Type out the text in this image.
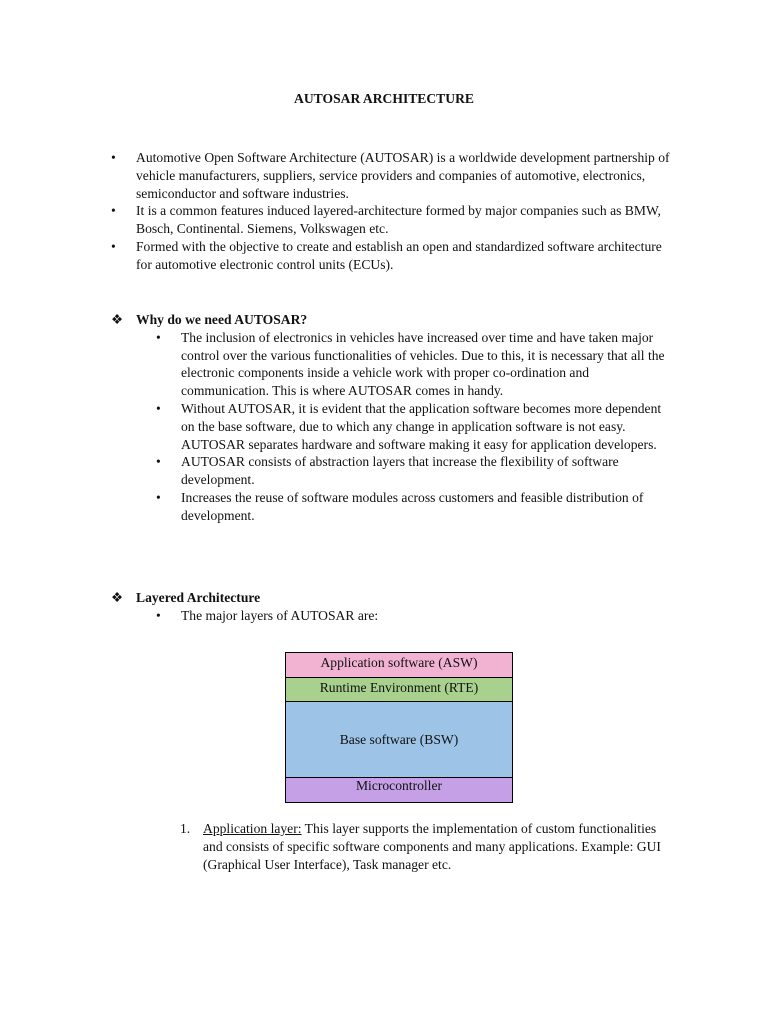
AUTOSAR ARCHITECTURE
• Automotive Open Software Architecture (AUTOSAR) is a worldwide development partnership of vehicle manufacturers, suppliers, service providers and companies of automotive, electronics, semiconductor and software industries.
• It is a common features induced layered-architecture formed by major companies such as BMW, Bosch, Continental. Siemens, Volkswagen etc.
• Formed with the objective to create and establish an open and standardized software architecture for automotive electronic control units (ECUs).
❖ Why do we need AUTOSAR?
• The inclusion of electronics in vehicles have increased over time and have taken major control over the various functionalities of vehicles. Due to this, it is necessary that all the electronic components inside a vehicle work with proper co-ordination and communication. This is where AUTOSAR comes in handy.
• Without AUTOSAR, it is evident that the application software becomes more dependent on the base software, due to which any change in application software is not easy. AUTOSAR separates hardware and software making it easy for application developers.
• AUTOSAR consists of abstraction layers that increase the flexibility of software development.
• Increases the reuse of software modules across customers and feasible distribution of development.
❖ Layered Architecture
• The major layers of AUTOSAR are:
Application software (ASW)
Runtime Environment (RTE)
Base software (BSW)
Microcontroller
1. Application layer: This layer supports the implementation of custom functionalities and consists of specific software components and many applications. Example: GUI (Graphical User Interface), Task manager etc.
